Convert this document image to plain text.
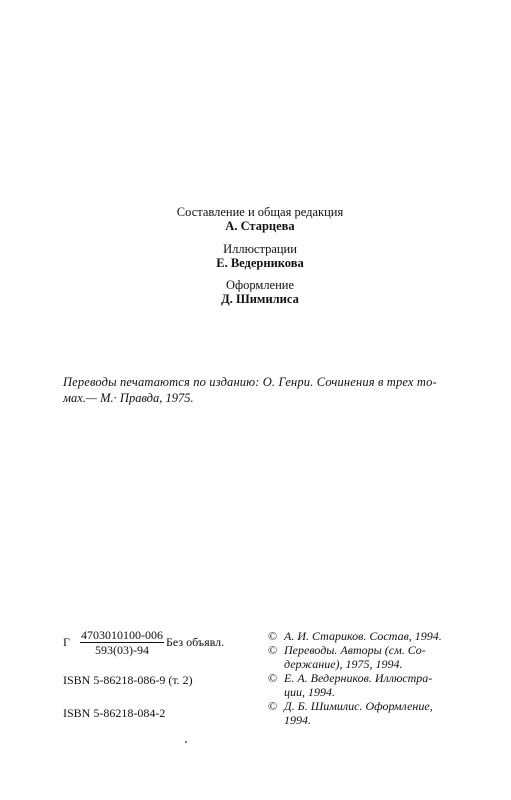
Составление и общая редакция
А. Старцева
Иллюстрации
Е. Ведерникова
Оформление
Д. Шимилиса
Переводы печатаются по изданию: О. Генри. Сочинения в трех то-
мах.— М.· Правда, 1975.
Г $\frac{4703010100-006}{593(03)-94}$ Без объявл.
ISBN 5-86218-086-9 (т. 2)
ISBN 5-86218-084-2
© А. И. Стариков. Состав, 1994.
© Переводы. Авторы (см. Со-
держание), 1975, 1994.
© Е. А. Ведерников. Иллюстра-
ции, 1994.
© Д. Б. Шимилис. Оформление,
1994.
